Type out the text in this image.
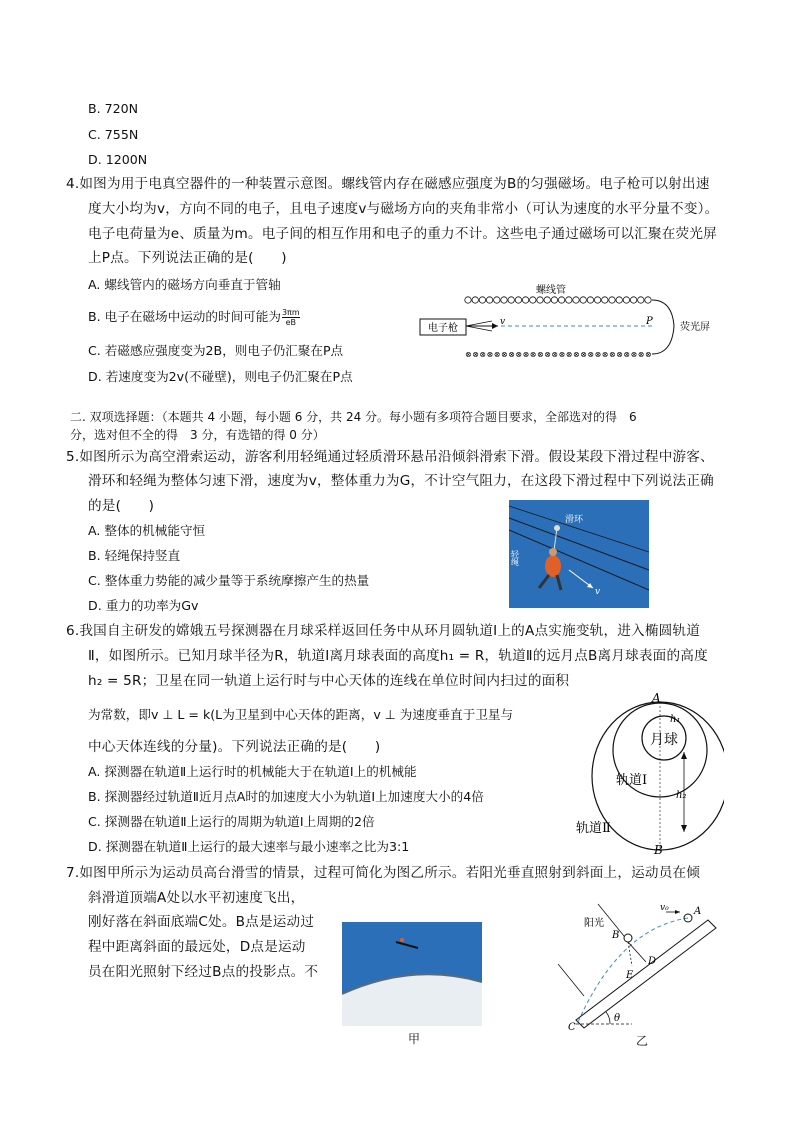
B. 720N
C. 755N
D. 1200N
4.如图为用于电真空器件的一种装置示意图。螺线管内存在磁感应强度为B的匀强磁场。电子枪可以射出速
度大小均为v，方向不同的电子，且电子速度v与磁场方向的夹角非常小（可认为速度的水平分量不变）。
电子电荷量为e、质量为m。电子间的相互作用和电子的重力不计。这些电子通过磁场可以汇聚在荧光屏
上P点。下列说法正确的是(　　)
A. 螺线管内的磁场方向垂直于管轴
B. 电子在磁场中运动的时间可能为 $\frac{3\pi m}{eB}$
C. 若磁感应强度变为2B，则电子仍汇聚在P点
D. 若速度变为2v(不碰壁)，则电子仍汇聚在P点
⊗ ⊗ ⊗ ⊗ ⊗ ⊗ ⊗ ⊗ ⊗ ⊗ ⊗ ⊗ ⊗ ⊗ ⊗ ⊗ ⊗ ⊗ ⊗ ⊗ ⊗ ⊗ ⊗ ⊗ ⊗ ⊗
电子枪
v	P
螺线管
荧光屏
二. 双项选择题：（本题共 4 小题，每小题 6 分，共 24 分。每小题有多项符合题目要求，全部选对的得　6
分，选对但不全的得　3 分，有选错的得 0 分）
5.如图所示为高空滑索运动，游客利用轻绳通过轻质滑环悬吊沿倾斜滑索下滑。假设某段下滑过程中游客、
滑环和轻绳为整体匀速下滑，速度为v，整体重力为G，不计空气阻力，在这段下滑过程中下列说法正确
的是(　　)
A. 整体的机械能守恒
B. 轻绳保持竖直
C. 整体重力势能的减少量等于系统摩擦产生的热量
D. 重力的功率为Gv
v
滑环
轻绳
6.我国自主研发的嫦娥五号探测器在月球采样返回任务中从环月圆轨道Ⅰ上的A点实施变轨，进入椭圆轨道
Ⅱ，如图所示。已知月球半径为R，轨道Ⅰ离月球表面的高度h₁ = R，轨道Ⅱ的远月点B离月球表面的高度
h₂ = 5R；卫星在同一轨道上运行时与中心天体的连线在单位时间内扫过的面积
为常数，即v ⊥ L = k(L为卫星到中心天体的距离，v ⊥ 为速度垂直于卫星与
中心天体连线的分量)。下列说法正确的是(　　)
A. 探测器在轨道Ⅱ上运行时的机械能大于在轨道Ⅰ上的机械能
B. 探测器经过轨道Ⅱ近月点A时的加速度大小为轨道Ⅰ上加速度大小的4倍
C. 探测器在轨道Ⅱ上运行的周期为轨道Ⅰ上周期的2倍
D. 探测器在轨道Ⅱ上运行的最大速率与最小速率之比为3:1
月球
A
B
h₁
h₂
轨道Ⅰ
轨道Ⅱ
7.如图甲所示为运动员高台滑雪的情景，过程可简化为图乙所示。若阳光垂直照射到斜面上，运动员在倾
斜滑道顶端A处以水平初速度飞出，
刚好落在斜面底端C处。B点是运动过
程中距离斜面的最远处，D点是运动
员在阳光照射下经过B点的投影点。不
甲
θ
v₀	A
B
C
D
E
阳光
乙
